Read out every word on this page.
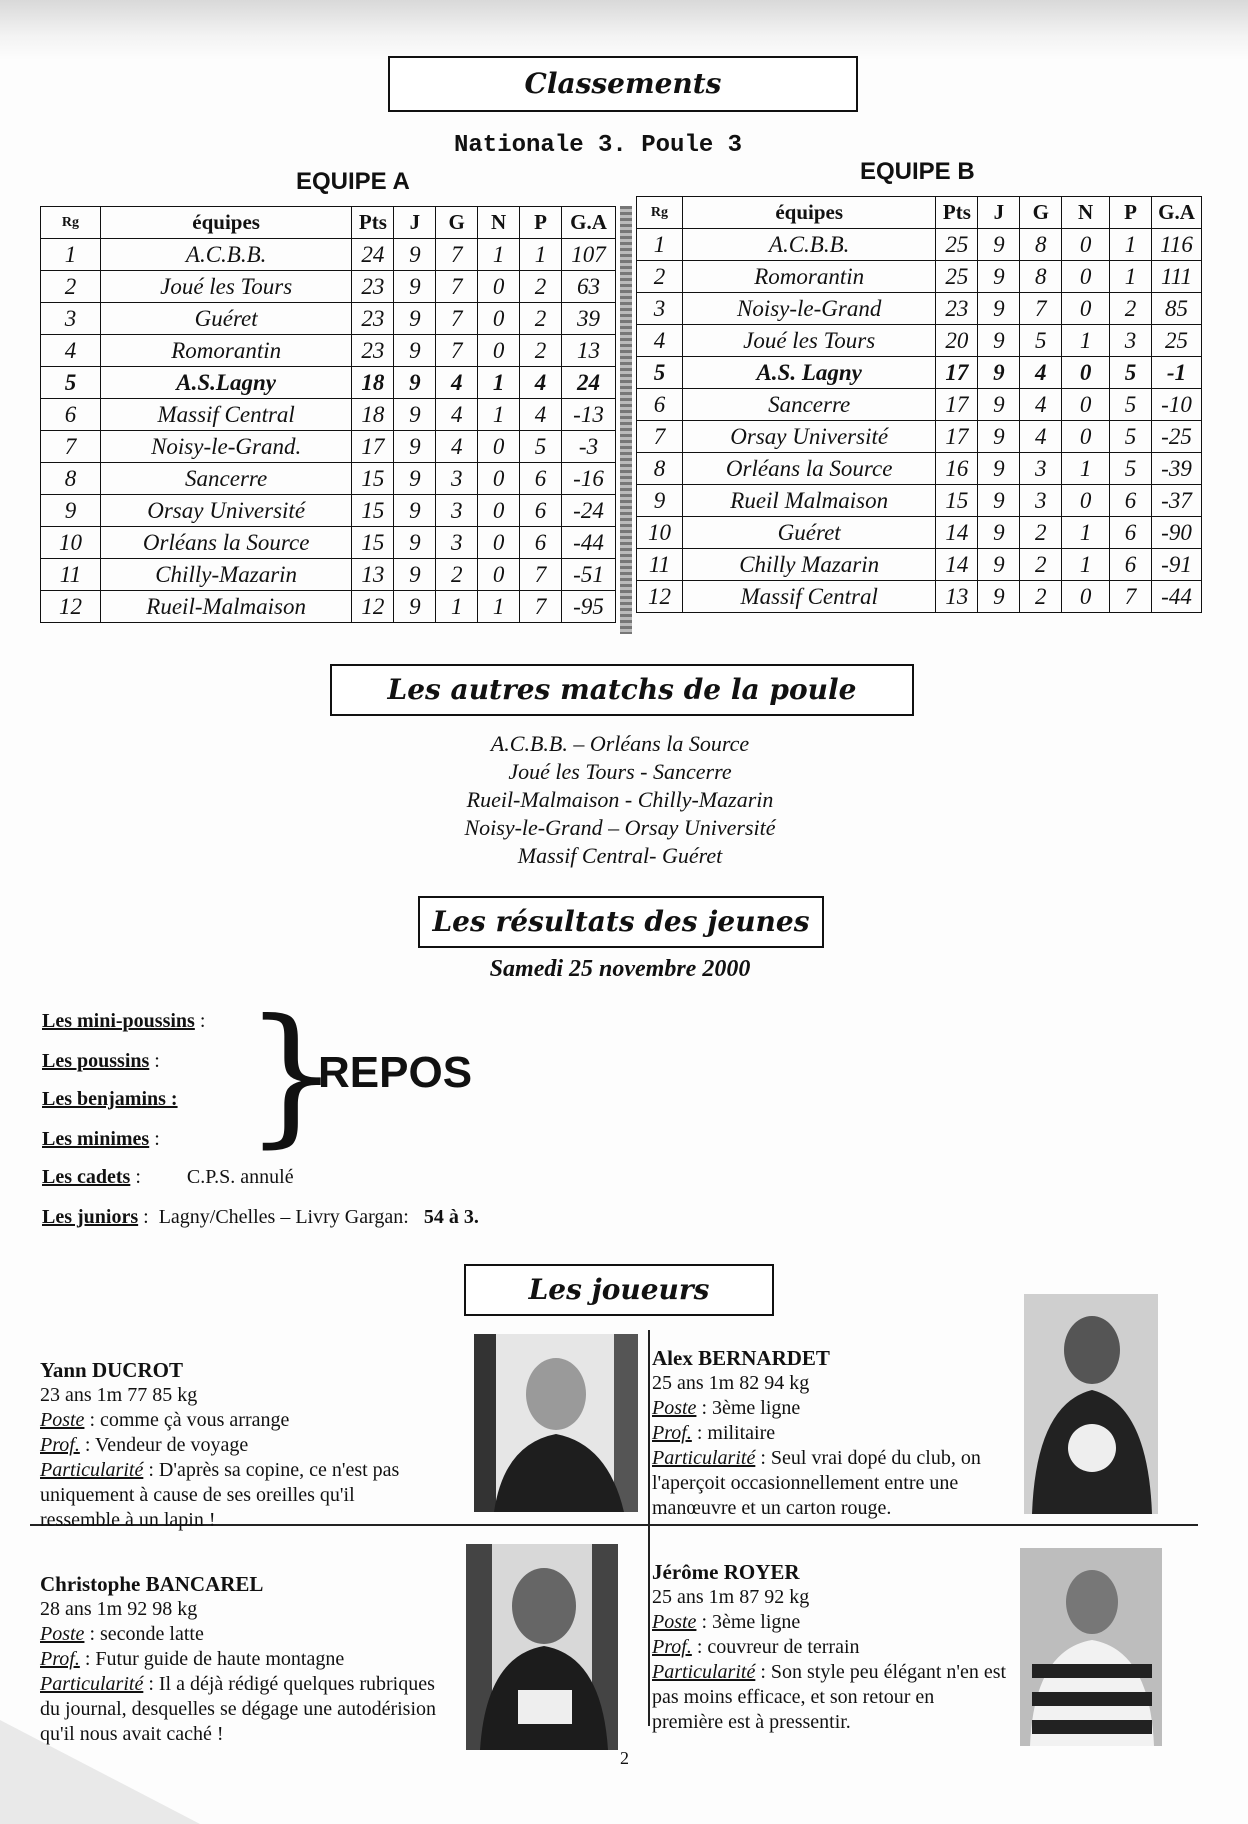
Classements
Nationale 3. Poule 3
EQUIPE A	EQUIPE B
Rg	équipes	Pts	J	G	N	P	G.A
1	A.C.B.B.	24	9	7	1	1	107
2	Joué les Tours	23	9	7	0	2	63
3	Guéret	23	9	7	0	2	39
4	Romorantin	23	9	7	0	2	13
5	A.S.Lagny	18	9	4	1	4	24
6	Massif Central	18	9	4	1	4	-13
7	Noisy-le-Grand.	17	9	4	0	5	-3
8	Sancerre	15	9	3	0	6	-16
9	Orsay Université	15	9	3	0	6	-24
10	Orléans la Source	15	9	3	0	6	-44
11	Chilly-Mazarin	13	9	2	0	7	-51
12	Rueil-Malmaison	12	9	1	1	7	-95
Rg	équipes	Pts	J	G	N	P	G.A
1	A.C.B.B.	25	9	8	0	1	116
2	Romorantin	25	9	8	0	1	111
3	Noisy-le-Grand	23	9	7	0	2	85
4	Joué les Tours	20	9	5	1	3	25
5	A.S. Lagny	17	9	4	0	5	-1
6	Sancerre	17	9	4	0	5	-10
7	Orsay Université	17	9	4	0	5	-25
8	Orléans la Source	16	9	3	1	5	-39
9	Rueil Malmaison	15	9	3	0	6	-37
10	Guéret	14	9	2	1	6	-90
11	Chilly Mazarin	14	9	2	1	6	-91
12	Massif Central	13	9	2	0	7	-44
Les autres matchs de la poule
A.C.B.B. – Orléans la Source
Joué les Tours - Sancerre
Rueil-Malmaison - Chilly-Mazarin
Noisy-le-Grand – Orsay Université
Massif Central- Guéret
Les résultats des jeunes
Samedi 25 novembre 2000
Les mini-poussins :
Les poussins :
Les benjamins :
Les minimes : }
REPOS
Les cadets : C.P.S. annulé
Les juniors :  Lagny/Chelles – Livry Gargan: 54 à 3.
Les joueurs
Yann DUCROT
23 ans 1m 77 85 kg
Poste : comme çà vous arrange
Prof. : Vendeur de voyage
Particularité : D'après sa copine, ce n'est pas uniquement à cause de ses oreilles qu'il ressemble à un lapin !
Alex BERNARDET
25 ans 1m 82 94 kg
Poste : 3ème ligne
Prof. : militaire
Particularité : Seul vrai dopé du club, on l'aperçoit occasionnellement entre une manœuvre et un carton rouge.
Christophe BANCAREL
28 ans 1m 92 98 kg
Poste : seconde latte
Prof. : Futur guide de haute montagne
Particularité : Il a déjà rédigé quelques rubriques du journal, desquelles se dégage une autodérision qu'il nous avait caché !
Jérôme ROYER
25 ans 1m 87 92 kg
Poste : 3ème ligne
Prof. : couvreur de terrain
Particularité : Son style peu élégant n'en est pas moins efficace, et son retour en première est à pressentir.
2
